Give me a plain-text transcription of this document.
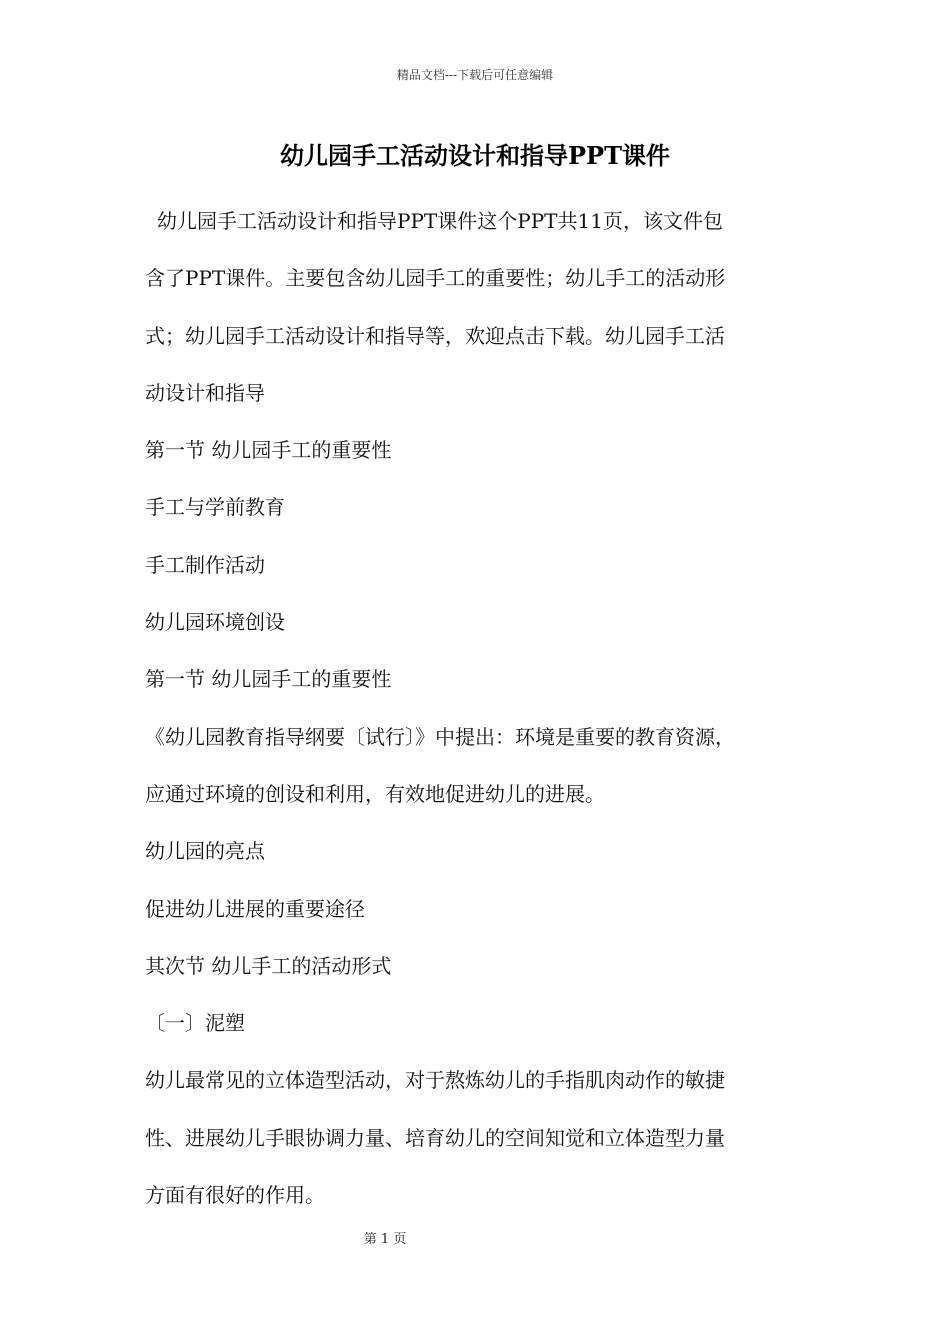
精品文档---下载后可任意编辑
幼儿园手工活动设计和指导PPT课件
幼儿园手工活动设计和指导PPT课件这个PPT共11页，该文件包
含了PPT课件。主要包含幼儿园手工的重要性；幼儿手工的活动形
式；幼儿园手工活动设计和指导等，欢迎点击下载。幼儿园手工活
动设计和指导
第一节 幼儿园手工的重要性
手工与学前教育
手工制作活动
幼儿园环境创设
第一节 幼儿园手工的重要性
《幼儿园教育指导纲要〔试行〕》中提出：环境是重要的教育资源，
应通过环境的创设和利用，有效地促进幼儿的进展。
幼儿园的亮点
促进幼儿进展的重要途径
其次节 幼儿手工的活动形式
〔一〕泥塑
幼儿最常见的立体造型活动，对于熬炼幼儿的手指肌肉动作的敏捷
性、进展幼儿手眼协调力量、培育幼儿的空间知觉和立体造型力量
方面有很好的作用。
第 1 页
